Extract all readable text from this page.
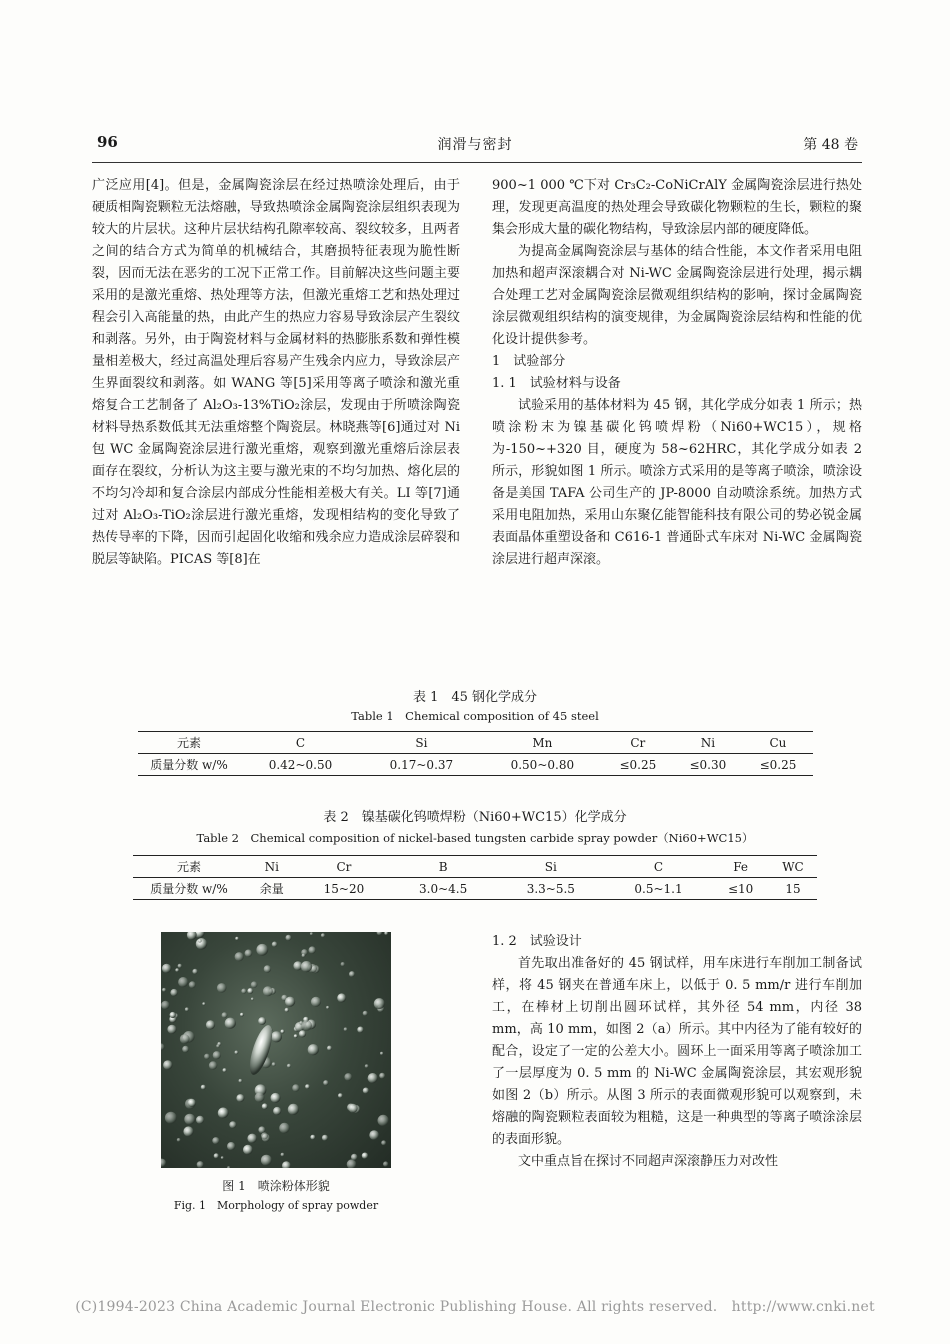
96	润滑与密封	第 48 卷

广泛应用[4]。但是，金属陶瓷涂层在经过热喷涂处理后，由于硬质相陶瓷颗粒无法熔融，导致热喷涂金属陶瓷涂层组织表现为较大的片层状。这种片层状结构孔隙率较高、裂纹较多，且两者之间的结合方式为简单的机械结合，其磨损特征表现为脆性断裂，因而无法在恶劣的工况下正常工作。目前解决这些问题主要采用的是激光重熔、热处理等方法，但激光重熔工艺和热处理过程会引入高能量的热，由此产生的热应力容易导致涂层产生裂纹和剥落。另外，由于陶瓷材料与金属材料的热膨胀系数和弹性模量相差极大，经过高温处理后容易产生残余内应力，导致涂层产生界面裂纹和剥落。如 WANG 等[5]采用等离子喷涂和激光重熔复合工艺制备了 Al₂O₃-13%TiO₂涂层，发现由于所喷涂陶瓷材料导热系数低其无法重熔整个陶瓷层。林晓燕等[6]通过对 Ni 包 WC 金属陶瓷涂层进行激光重熔，观察到激光重熔后涂层表面存在裂纹，分析认为这主要与激光束的不均匀加热、熔化层的不均匀冷却和复合涂层内部成分性能相差极大有关。LI 等[7]通过对 Al₂O₃-TiO₂涂层进行激光重熔，发现相结构的变化导致了热传导率的下降，因而引起固化收缩和残余应力造成涂层碎裂和脱层等缺陷。PICAS 等[8]在

900~1 000 ℃下对 Cr₃C₂-CoNiCrAlY 金属陶瓷涂层进行热处理，发现更高温度的热处理会导致碳化物颗粒的生长，颗粒的聚集会形成大量的碳化物结构，导致涂层内部的硬度降低。

为提高金属陶瓷涂层与基体的结合性能，本文作者采用电阻加热和超声深滚耦合对 Ni-WC 金属陶瓷涂层进行处理，揭示耦合处理工艺对金属陶瓷涂层微观组织结构的影响，探讨金属陶瓷涂层微观组织结构的演变规律，为金属陶瓷涂层结构和性能的优化设计提供参考。

1　试验部分

1. 1　试验材料与设备

试验采用的基体材料为 45 钢，其化学成分如表 1 所示；热喷涂粉末为镍基碳化钨喷焊粉（Ni60+WC15），规格为-150~+320 目，硬度为 58~62HRC，其化学成分如表 2 所示，形貌如图 1 所示。喷涂方式采用的是等离子喷涂，喷涂设备是美国 TAFA 公司生产的 JP-8000 自动喷涂系统。加热方式采用电阻加热，采用山东聚亿能智能科技有限公司的势必锐金属表面晶体重塑设备和 C616-1 普通卧式车床对 Ni-WC 金属陶瓷涂层进行超声深滚。

表 1　45 钢化学成分
Table 1　Chemical composition of 45 steel
元素	C	Si	Mn	Cr	Ni	Cu
质量分数 w/%	0.42~0.50	0.17~0.37	0.50~0.80	≤0.25	≤0.30	≤0.25
表 2　镍基碳化钨喷焊粉（Ni60+WC15）化学成分
Table 2　Chemical composition of nickel-based tungsten carbide spray powder（Ni60+WC15）
元素	Ni	Cr	B	Si	C	Fe	WC
质量分数 w/%	余量	15~20	3.0~4.5	3.3~5.5	0.5~1.1	≤10	15
图 1　喷涂粉体形貌
Fig. 1　Morphology of spray powder

1. 2　试验设计

首先取出准备好的 45 钢试样，用车床进行车削加工制备试样，将 45 钢夹在普通车床上，以低于 0. 5 mm/r 进行车削加工，在棒材上切削出圆环试样，其外径 54 mm，内径 38 mm，高 10 mm，如图 2（a）所示。其中内径为了能有较好的配合，设定了一定的公差大小。圆环上一面采用等离子喷涂加工了一层厚度为 0. 5 mm 的 Ni-WC 金属陶瓷涂层，其宏观形貌如图 2（b）所示。从图 3 所示的表面微观形貌可以观察到，未熔融的陶瓷颗粒表面较为粗糙，这是一种典型的等离子喷涂涂层的表面形貌。

文中重点旨在探讨不同超声深滚静压力对改性

(C)1994-2023 China Academic Journal Electronic Publishing House. All rights reserved.　http://www.cnki.net
